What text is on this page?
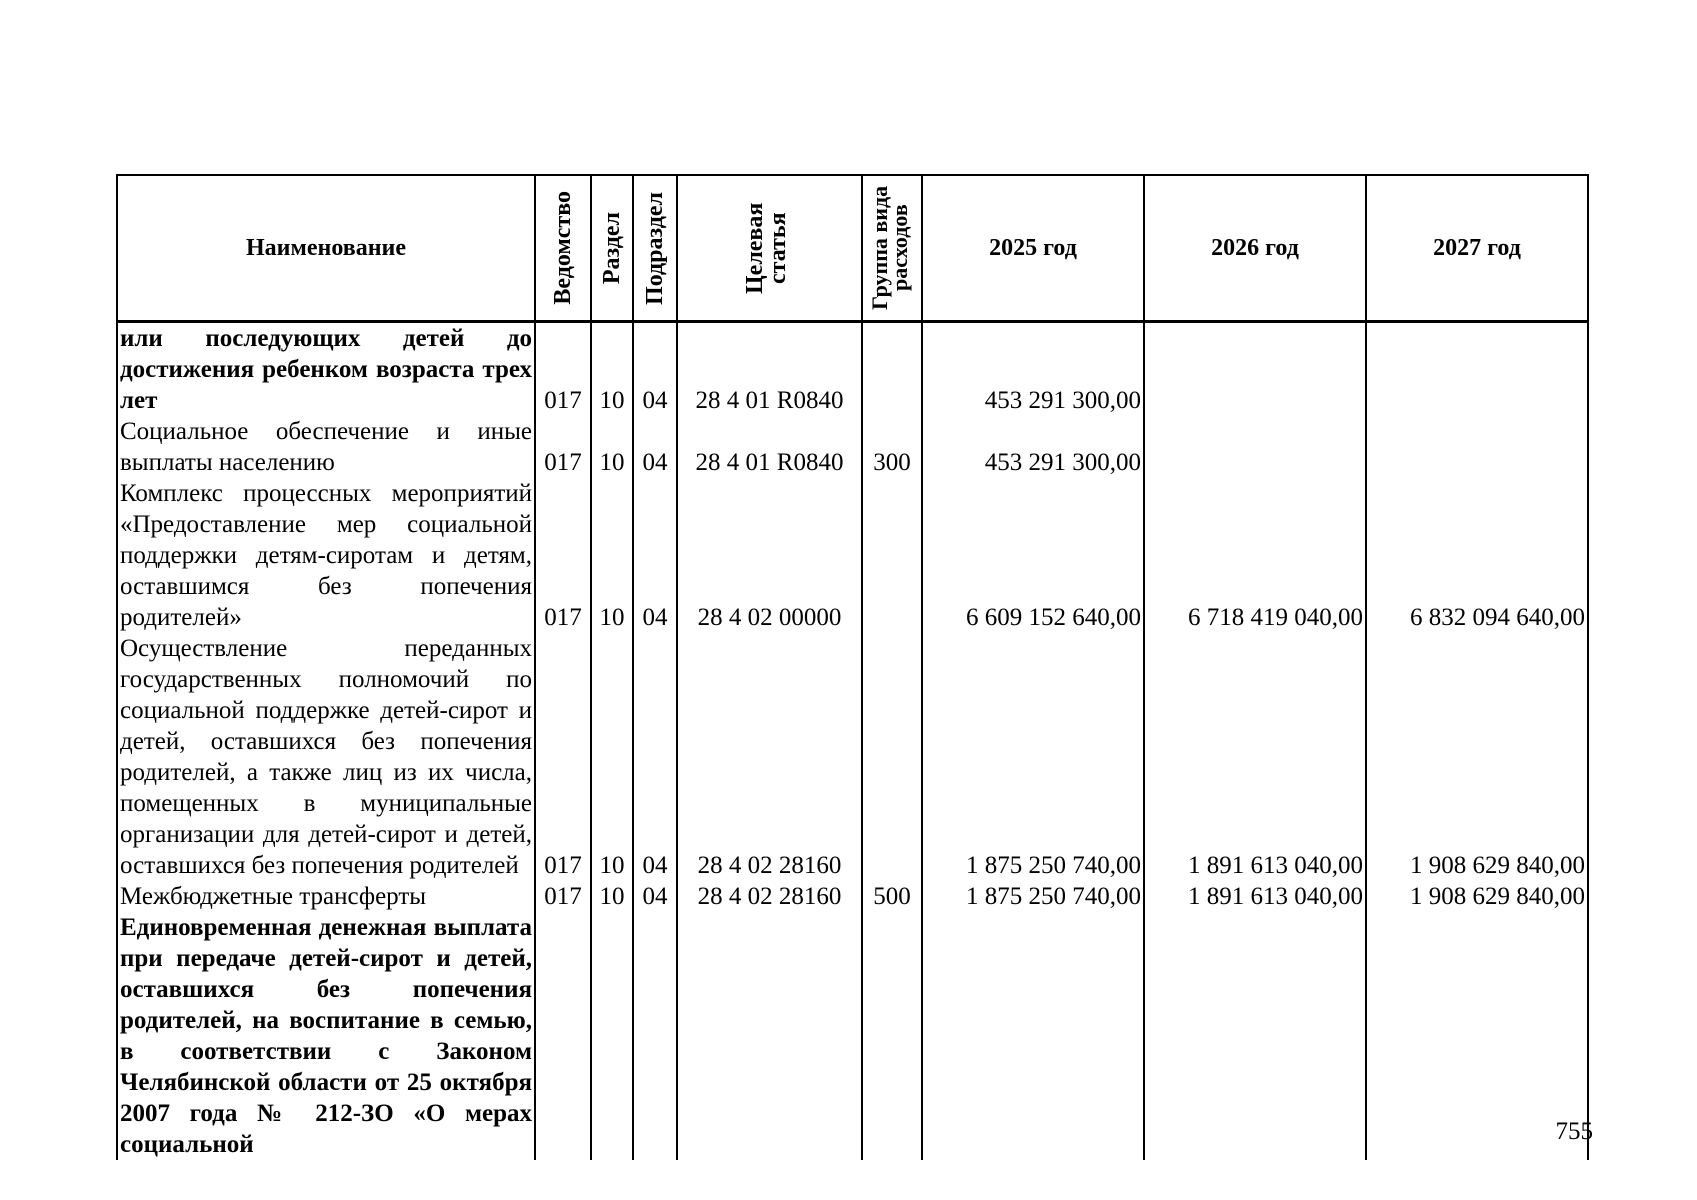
Наименование	Ведомство	Раздел	Подраздел	Целевая статья	Группа вида расходов	2025 год	2026 год	2027 год
или последующих детей до достижения ребенком возраста трех лет	017	10	04	28 4 01 R0840		453 291 300,00		
Социальное обеспечение и иные выплаты населению	017	10	04	28 4 01 R0840	300	453 291 300,00		
Комплекс процессных мероприятий «Предоставление мер социальной поддержки детям-сиротам и детям, оставшимся без попечения родителей»	017	10	04	28 4 02 00000		6 609 152 640,00	6 718 419 040,00	6 832 094 640,00
Осуществление переданных государственных полномочий по социальной поддержке детей-сирот и детей, оставшихся без попечения родителей, а также лиц из их числа, помещенных в муниципальные организации для детей-сирот и детей, оставшихся без попечения родителей	017	10	04	28 4 02 28160		1 875 250 740,00	1 891 613 040,00	1 908 629 840,00
Межбюджетные трансферты	017	10	04	28 4 02 28160	500	1 875 250 740,00	1 891 613 040,00	1 908 629 840,00
Единовременная денежная выплата при передаче детей-сирот и детей, оставшихся без попечения родителей, на воспитание в семью, в соответствии с Законом Челябинской области от 25 октября 2007 года № 212-ЗО «О мерах социальной									755
